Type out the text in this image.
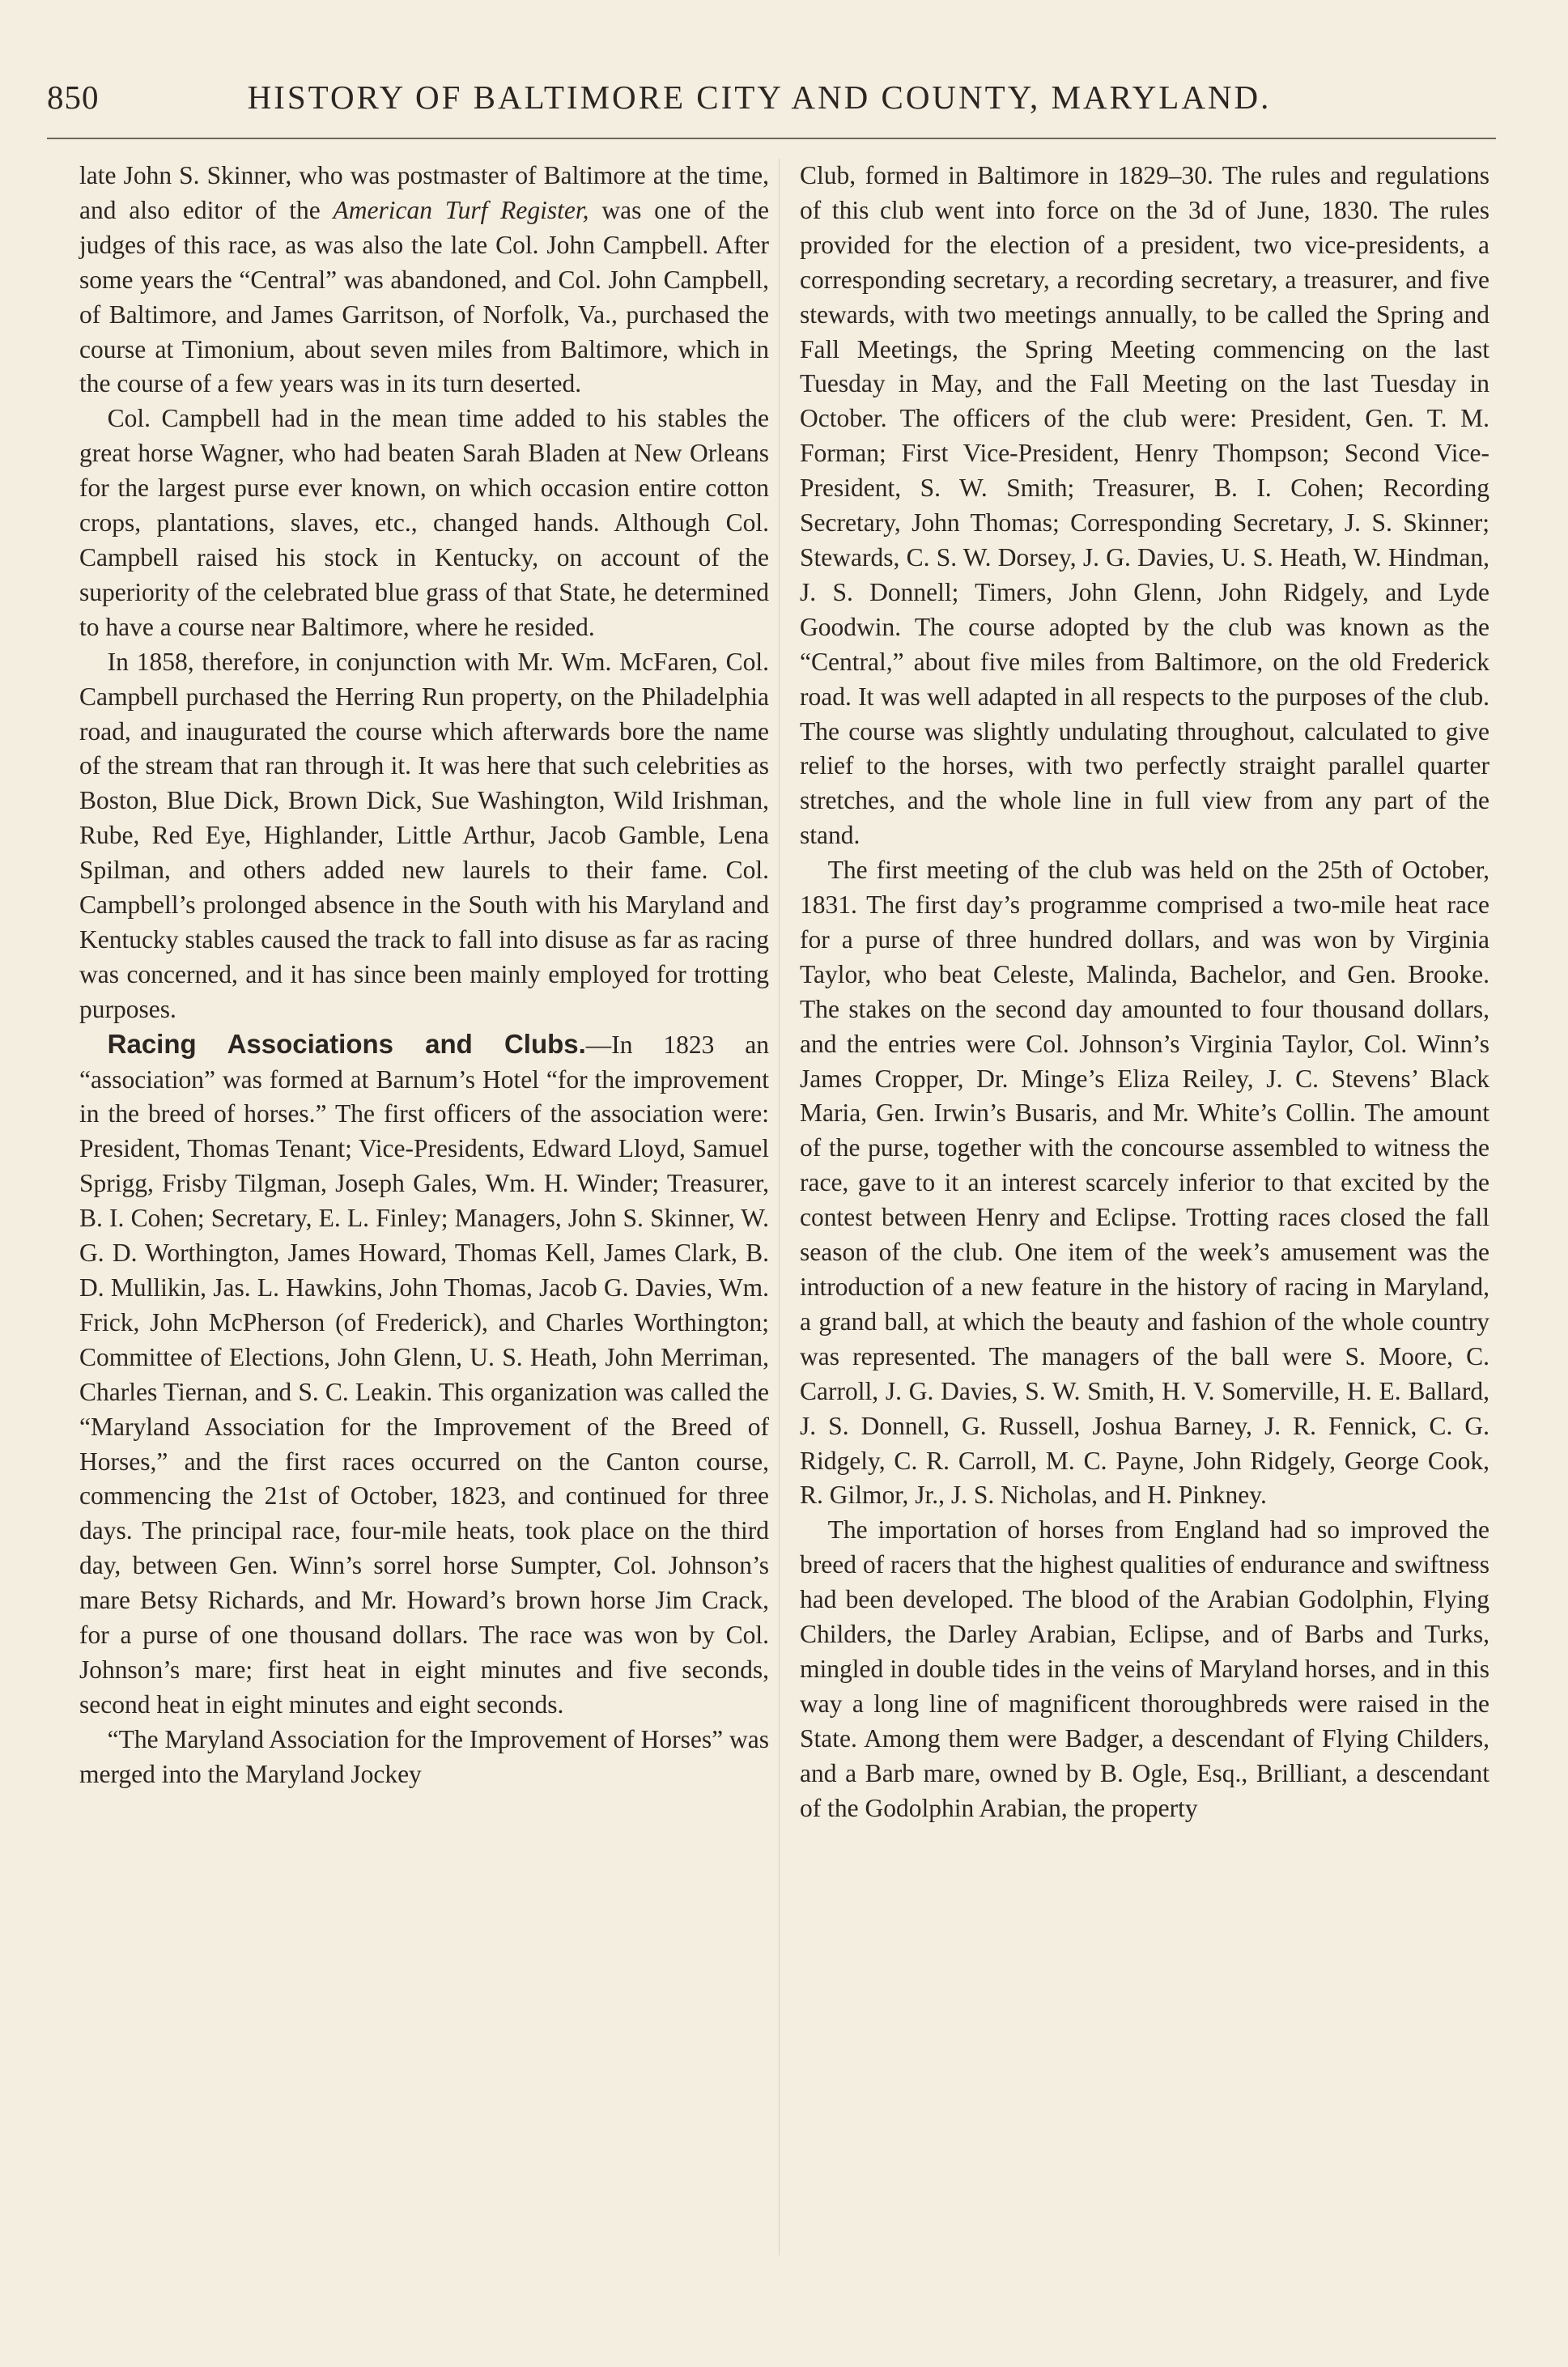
850	HISTORY OF BALTIMORE CITY AND COUNTY, MARYLAND.

late John S. Skinner, who was postmaster of Baltimore at the time, and also editor of the American Turf Register, was one of the judges of this race, as was also the late Col. John Campbell. After some years the “Central” was abandoned, and Col. John Campbell, of Baltimore, and James Garritson, of Norfolk, Va., purchased the course at Timonium, about seven miles from Baltimore, which in the course of a few years was in its turn deserted.

Col. Campbell had in the mean time added to his stables the great horse Wagner, who had beaten Sarah Bladen at New Orleans for the largest purse ever known, on which occasion entire cotton crops, plantations, slaves, etc., changed hands. Although Col. Campbell raised his stock in Kentucky, on account of the superiority of the celebrated blue grass of that State, he determined to have a course near Baltimore, where he resided.

In 1858, therefore, in conjunction with Mr. Wm. McFaren, Col. Campbell purchased the Herring Run property, on the Philadelphia road, and inaugurated the course which afterwards bore the name of the stream that ran through it. It was here that such celebrities as Boston, Blue Dick, Brown Dick, Sue Washington, Wild Irishman, Rube, Red Eye, Highlander, Little Arthur, Jacob Gamble, Lena Spilman, and others added new laurels to their fame. Col. Campbell’s prolonged absence in the South with his Maryland and Kentucky stables caused the track to fall into disuse as far as racing was concerned, and it has since been mainly employed for trotting purposes.

Racing Associations and Clubs.—In 1823 an “association” was formed at Barnum’s Hotel “for the improvement in the breed of horses.” The first officers of the association were: President, Thomas Tenant; Vice-Presidents, Edward Lloyd, Samuel Sprigg, Frisby Tilgman, Joseph Gales, Wm. H. Winder; Treasurer, B. I. Cohen; Secretary, E. L. Finley; Managers, John S. Skinner, W. G. D. Worthington, James Howard, Thomas Kell, James Clark, B. D. Mullikin, Jas. L. Hawkins, John Thomas, Jacob G. Davies, Wm. Frick, John McPherson (of Frederick), and Charles Worthington; Committee of Elections, John Glenn, U. S. Heath, John Merriman, Charles Tiernan, and S. C. Leakin. This organization was called the “Maryland Association for the Improvement of the Breed of Horses,” and the first races occurred on the Canton course, commencing the 21st of October, 1823, and continued for three days. The principal race, four-mile heats, took place on the third day, between Gen. Winn’s sorrel horse Sumpter, Col. Johnson’s mare Betsy Richards, and Mr. Howard’s brown horse Jim Crack, for a purse of one thousand dollars. The race was won by Col. Johnson’s mare; first heat in eight minutes and five seconds, second heat in eight minutes and eight seconds.

“The Maryland Association for the Improvement of Horses” was merged into the Maryland Jockey

Club, formed in Baltimore in 1829–30. The rules and regulations of this club went into force on the 3d of June, 1830. The rules provided for the election of a president, two vice-presidents, a corresponding secretary, a recording secretary, a treasurer, and five stewards, with two meetings annually, to be called the Spring and Fall Meetings, the Spring Meeting commencing on the last Tuesday in May, and the Fall Meeting on the last Tuesday in October. The officers of the club were: President, Gen. T. M. Forman; First Vice-President, Henry Thompson; Second Vice-President, S. W. Smith; Treasurer, B. I. Cohen; Recording Secretary, John Thomas; Corresponding Secretary, J. S. Skinner; Stewards, C. S. W. Dorsey, J. G. Davies, U. S. Heath, W. Hindman, J. S. Donnell; Timers, John Glenn, John Ridgely, and Lyde Goodwin. The course adopted by the club was known as the “Central,” about five miles from Baltimore, on the old Frederick road. It was well adapted in all respects to the purposes of the club. The course was slightly undulating throughout, calculated to give relief to the horses, with two perfectly straight parallel quarter stretches, and the whole line in full view from any part of the stand.

The first meeting of the club was held on the 25th of October, 1831. The first day’s programme comprised a two-mile heat race for a purse of three hundred dollars, and was won by Virginia Taylor, who beat Celeste, Malinda, Bachelor, and Gen. Brooke. The stakes on the second day amounted to four thousand dollars, and the entries were Col. Johnson’s Virginia Taylor, Col. Winn’s James Cropper, Dr. Minge’s Eliza Reiley, J. C. Stevens’ Black Maria, Gen. Irwin’s Busaris, and Mr. White’s Collin. The amount of the purse, together with the concourse assembled to witness the race, gave to it an interest scarcely inferior to that excited by the contest between Henry and Eclipse. Trotting races closed the fall season of the club. One item of the week’s amusement was the introduction of a new feature in the history of racing in Maryland, a grand ball, at which the beauty and fashion of the whole country was represented. The managers of the ball were S. Moore, C. Carroll, J. G. Davies, S. W. Smith, H. V. Somerville, H. E. Ballard, J. S. Donnell, G. Russell, Joshua Barney, J. R. Fennick, C. G. Ridgely, C. R. Carroll, M. C. Payne, John Ridgely, George Cook, R. Gilmor, Jr., J. S. Nicholas, and H. Pinkney.

The importation of horses from England had so improved the breed of racers that the highest qualities of endurance and swiftness had been developed. The blood of the Arabian Godolphin, Flying Childers, the Darley Arabian, Eclipse, and of Barbs and Turks, mingled in double tides in the veins of Maryland horses, and in this way a long line of magnificent thoroughbreds were raised in the State. Among them were Badger, a descendant of Flying Childers, and a Barb mare, owned by B. Ogle, Esq., Brilliant, a descendant of the Godolphin Arabian, the property
